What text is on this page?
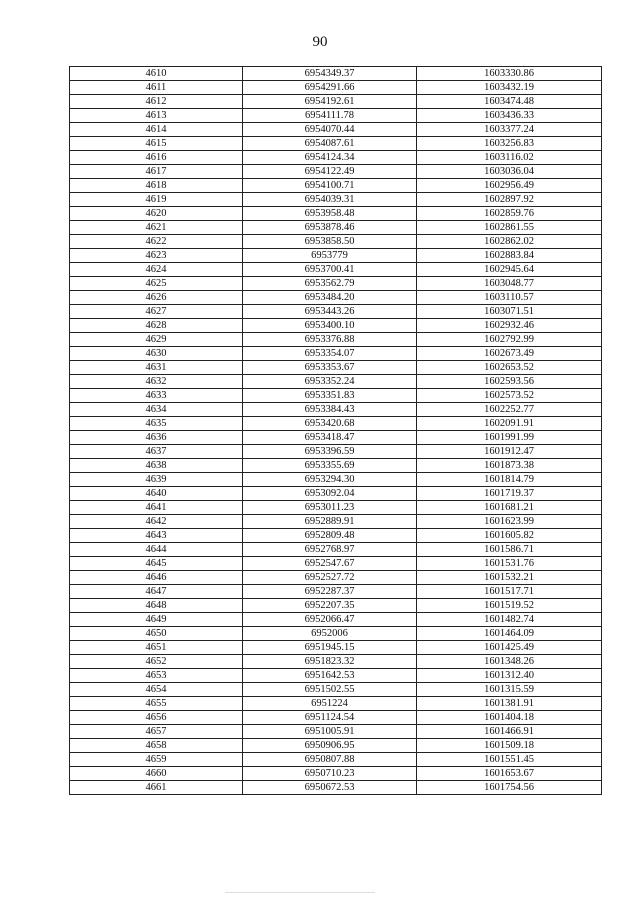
90
4610	6954349.37	1603330.86
4611	6954291.66	1603432.19
4612	6954192.61	1603474.48
4613	6954111.78	1603436.33
4614	6954070.44	1603377.24
4615	6954087.61	1603256.83
4616	6954124.34	1603116.02
4617	6954122.49	1603036.04
4618	6954100.71	1602956.49
4619	6954039.31	1602897.92
4620	6953958.48	1602859.76
4621	6953878.46	1602861.55
4622	6953858.50	1602862.02
4623	6953779	1602883.84
4624	6953700.41	1602945.64
4625	6953562.79	1603048.77
4626	6953484.20	1603110.57
4627	6953443.26	1603071.51
4628	6953400.10	1602932.46
4629	6953376.88	1602792.99
4630	6953354.07	1602673.49
4631	6953353.67	1602653.52
4632	6953352.24	1602593.56
4633	6953351.83	1602573.52
4634	6953384.43	1602252.77
4635	6953420.68	1602091.91
4636	6953418.47	1601991.99
4637	6953396.59	1601912.47
4638	6953355.69	1601873.38
4639	6953294.30	1601814.79
4640	6953092.04	1601719.37
4641	6953011.23	1601681.21
4642	6952889.91	1601623.99
4643	6952809.48	1601605.82
4644	6952768.97	1601586.71
4645	6952547.67	1601531.76
4646	6952527.72	1601532.21
4647	6952287.37	1601517.71
4648	6952207.35	1601519.52
4649	6952066.47	1601482.74
4650	6952006	1601464.09
4651	6951945.15	1601425.49
4652	6951823.32	1601348.26
4653	6951642.53	1601312.40
4654	6951502.55	1601315.59
4655	6951224	1601381.91
4656	6951124.54	1601404.18
4657	6951005.91	1601466.91
4658	6950906.95	1601509.18
4659	6950807.88	1601551.45
4660	6950710.23	1601653.67
4661	6950672.53	1601754.56
